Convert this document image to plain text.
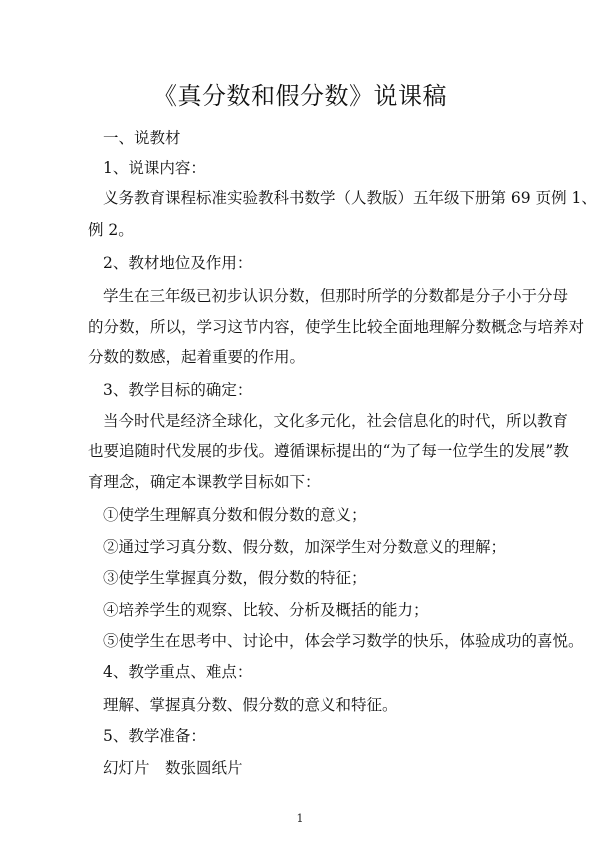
《真分数和假分数》说课稿
一、说教材
1、说课内容：
义务教育课程标准实验教科书数学（人教版）五年级下册第 69 页例 1、
例 2。
2、教材地位及作用：
学生在三年级已初步认识分数，但那时所学的分数都是分子小于分母
的分数，所以，学习这节内容，使学生比较全面地理解分数概念与培养对
分数的数感，起着重要的作用。
3、教学目标的确定：
当今时代是经济全球化，文化多元化，社会信息化的时代，所以教育
也要追随时代发展的步伐。遵循课标提出的“为了每一位学生的发展”教
育理念，确定本课教学目标如下：
①使学生理解真分数和假分数的意义；
②通过学习真分数、假分数，加深学生对分数意义的理解；
③使学生掌握真分数，假分数的特征；
④培养学生的观察、比较、分析及概括的能力；
⑤使学生在思考中、讨论中，体会学习数学的快乐，体验成功的喜悦。
4、教学重点、难点：
理解、掌握真分数、假分数的意义和特征。
5、教学准备：
幻灯片　数张圆纸片
1
